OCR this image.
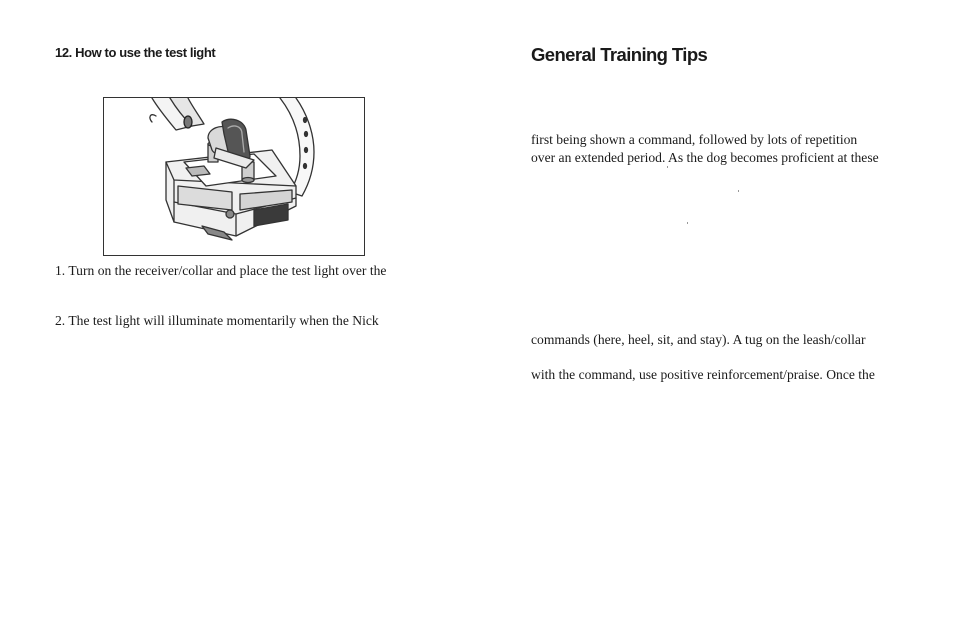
12. How to use the test light
1. Turn on the receiver/collar and place the test light over the
2. The test light will illuminate momentarily when the Nick
General Training Tips
first being shown a command, followed by lots of repetition
over an extended period. As the dog becomes proficient at these
commands (here, heel, sit, and stay). A tug on the leash/collar
with the command, use positive reinforcement/praise. Once the
